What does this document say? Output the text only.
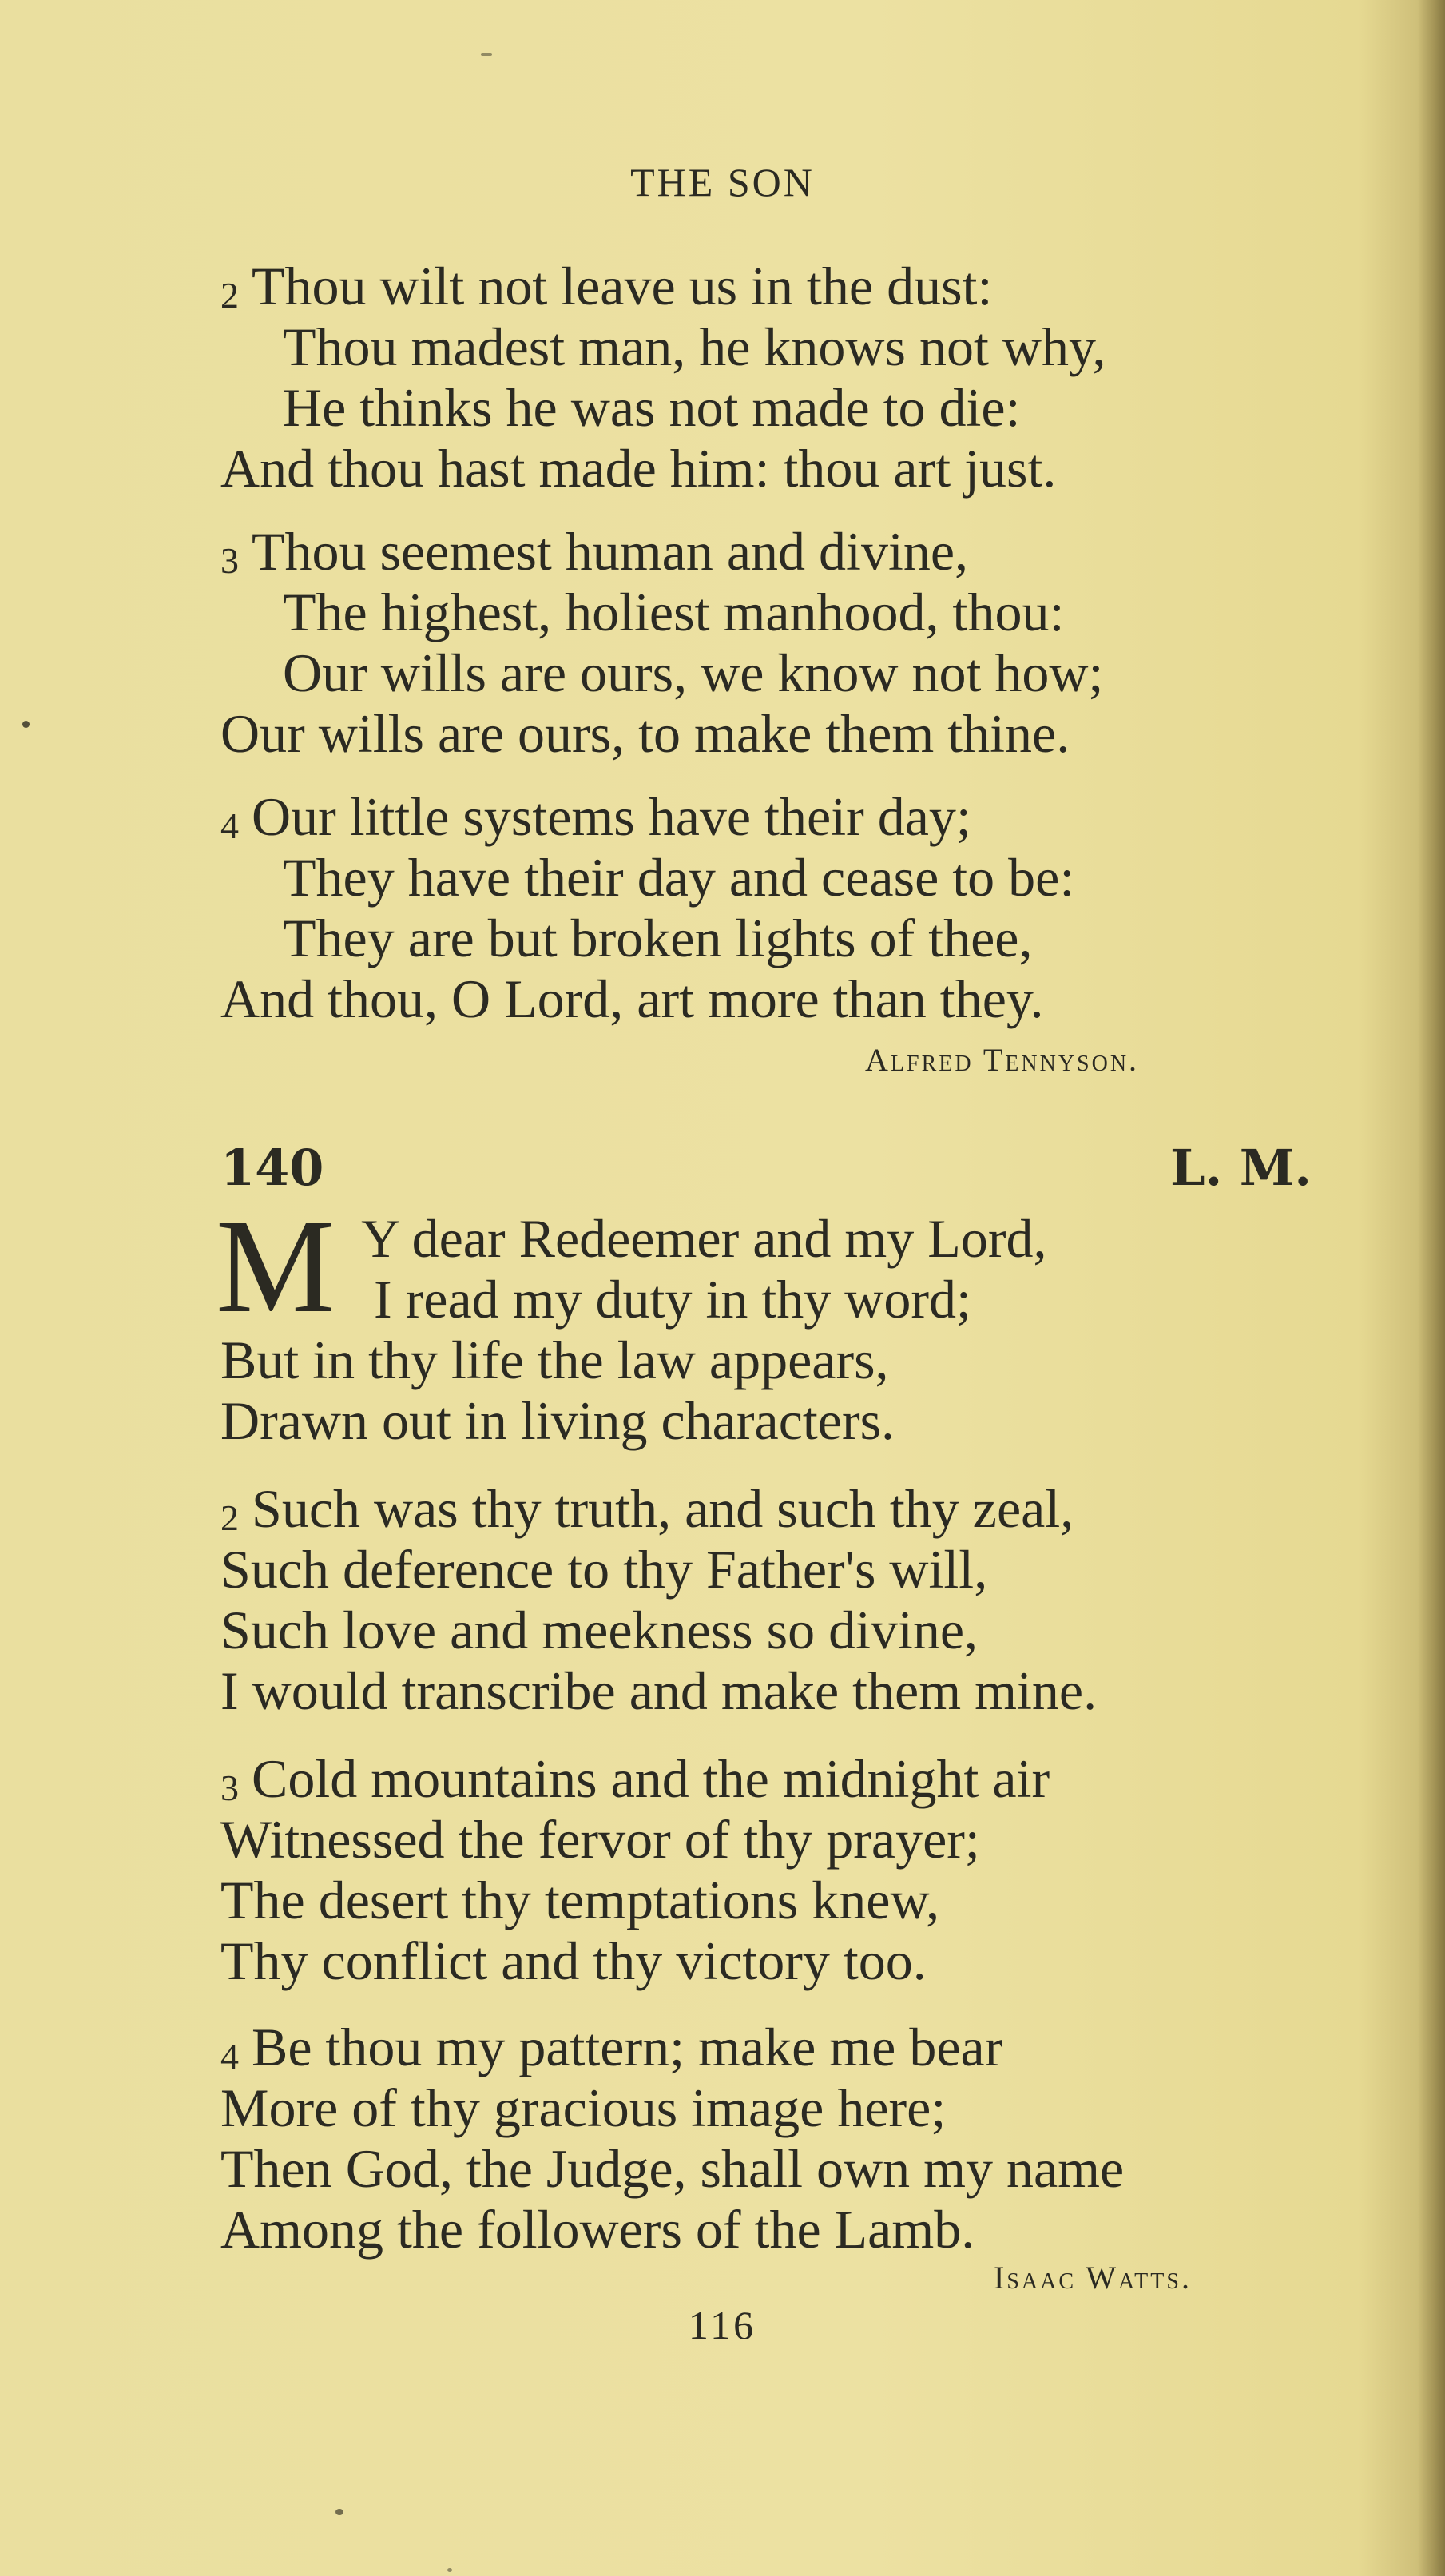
THE SON
2 Thou wilt not leave us in the dust:
Thou madest man, he knows not why,
He thinks he was not made to die:
And thou hast made him: thou art just.
3 Thou seemest human and divine,
The highest, holiest manhood, thou:
Our wills are ours, we know not how;
Our wills are ours, to make them thine.
4 Our little systems have their day;
They have their day and cease to be:
They are but broken lights of thee,
And thou, O Lord, art more than they.
Alfred Tennyson.
140	L. M.
M Y dear Redeemer and my Lord,
I read my duty in thy word;
But in thy life the law appears,
Drawn out in living characters.
2 Such was thy truth, and such thy zeal,
Such deference to thy Father's will,
Such love and meekness so divine,
I would transcribe and make them mine.
3 Cold mountains and the midnight air
Witnessed the fervor of thy prayer;
The desert thy temptations knew,
Thy conflict and thy victory too.
4 Be thou my pattern; make me bear
More of thy gracious image here;
Then God, the Judge, shall own my name
Among the followers of the Lamb.
Isaac Watts.
116
